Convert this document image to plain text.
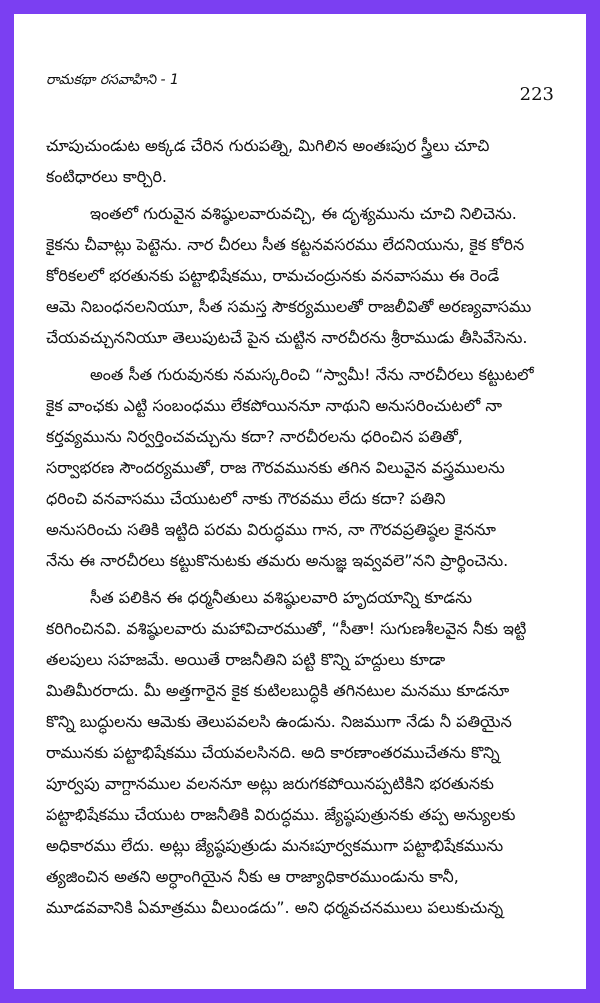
రామకథా రసవాహిని - 1
223
చూపుచుండుట అక్కడ చేరిన గురుపత్ని, మిగిలిన అంతఃపుర స్త్రీలు చూచి
కంటిధారలు కార్చిరి.
ఇంతలో గురువైన వశిష్ఠులవారువచ్చి, ఈ దృశ్యమును చూచి నిలిచెను.
కైకను చీవాట్లు పెట్టెను. నార చీరలు సీత కట్టనవసరము లేదనియును, కైక కోరిన
కోరికలలో భరతునకు పట్టాభిషేకము, రామచంద్రునకు వనవాసము ఈ రెండే
ఆమె నిబంధనలనియూ, సీత సమస్త సౌకర్యములతో రాజలీవితో అరణ్యవాసము
చేయవచ్చుననియూ తెలుపుటచే పైన చుట్టిన నారచీరను శ్రీరాముడు తీసివేసెను.
అంత సీత గురువునకు నమస్కరించి “స్వామీ! నేను నారచీరలు కట్టుటలో
కైక వాంఛకు ఎట్టి సంబంధము లేకపోయిననూ నాథుని అనుసరించుటలో నా
కర్తవ్యమును నిర్వర్తించవచ్చును కదా? నారచీరలను ధరించిన పతితో,
సర్వాభరణ సౌందర్యముతో, రాజ గౌరవమునకు తగిన విలువైన వస్త్రములను
ధరించి వనవాసము చేయుటలో నాకు గౌరవము లేదు కదా? పతిని
అనుసరించు సతికి ఇట్టిది పరమ విరుద్ధము గాన, నా గౌరవప్రతిష్ఠల కైననూ
నేను ఈ నారచీరలు కట్టుకొనుటకు తమరు అనుజ్ఞ ఇవ్వవలె”నని ప్రార్థించెను.
సీత పలికిన ఈ ధర్మనీతులు వశిష్ఠులవారి హృదయాన్ని కూడను
కరిగించినవి. వశిష్ఠులవారు మహావిచారముతో, “సీతా! సుగుణశీలవైన నీకు ఇట్టి
తలపులు సహజమే. అయితే రాజనీతిని పట్టి కొన్ని హద్దులు కూడా
మితిమీరరాదు. మీ అత్తగారైన కైక కుటిలబుద్ధికి తగినటుల మనము కూడనూ
కొన్ని బుద్ధులను ఆమెకు తెలుపవలసి ఉండును. నిజముగా నేడు నీ పతియైన
రామునకు పట్టాభిషేకము చేయవలసినది. అది కారణాంతరముచేతను కొన్ని
పూర్వపు వాగ్దానముల వలననూ అట్లు జరుగకపోయినప్పటికిని భరతునకు
పట్టాభిషేకము చేయుట రాజనీతికి విరుద్ధము. జ్యేష్ఠపుత్రునకు తప్ప అన్యులకు
అధికారము లేదు. అట్లు జ్యేష్ఠపుత్రుడు మనఃపూర్వకముగా పట్టాభిషేకమును
త్యజించిన అతని అర్ధాంగియైన నీకు ఆ రాజ్యాధికారముండును కానీ,
మూడవవానికి ఏమాత్రము వీలుండదు”. అని ధర్మవచనములు పలుకుచున్న
